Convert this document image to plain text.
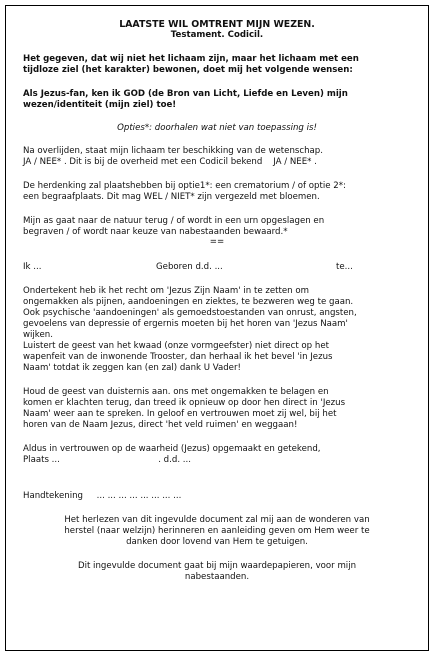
LAATSTE WIL OMTRENT MIJN WEZEN.
Testament. Codicil.
Het gegeven, dat wij niet het lichaam zijn, maar het lichaam met een
tijdloze ziel (het karakter) bewonen, doet mij het volgende wensen:
Als Jezus-fan, ken ik GOD (de Bron van Licht, Liefde en Leven) mijn
wezen/identiteit (mijn ziel) toe!
Opties*: doorhalen wat niet van toepassing is!
Na overlijden, staat mijn lichaam ter beschikking van de wetenschap.
JA / NEE* . Dit is bij de overheid met een Codicil bekend    JA / NEE* .
De herdenking zal plaatshebben bij optie1*: een crematorium / of optie 2*:
een begraafplaats. Dit mag WEL / NIET* zijn vergezeld met bloemen.
Mijn as gaat naar de natuur terug / of wordt in een urn opgeslagen en
begraven / of wordt naar keuze van nabestaanden bewaard.*
==
Ik ...	Geboren d.d. ...	te...
Ondertekent heb ik het recht om 'Jezus Zijn Naam' in te zetten om
ongemakken als pijnen, aandoeningen en ziektes, te bezweren weg te gaan.
Ook psychische 'aandoeningen' als gemoedstoestanden van onrust, angsten,
gevoelens van depressie of ergernis moeten bij het horen van 'Jezus Naam'
wijken.
Luistert de geest van het kwaad (onze vormgeefster) niet direct op het
wapenfeit van de inwonende Trooster, dan herhaal ik het bevel 'in Jezus
Naam' totdat ik zeggen kan (en zal) dank U Vader!
Houd de geest van duisternis aan. ons met ongemakken te belagen en
komen er klachten terug, dan treed ik opnieuw op door hen direct in 'Jezus
Naam' weer aan te spreken. In geloof en vertrouwen moet zij wel, bij het
horen van de Naam Jezus, direct 'het veld ruimen' en weggaan!
Aldus in vertrouwen op de waarheid (Jezus) opgemaakt en getekend,
Plaats ...                                    . d.d. ...
Handtekening     ... ... ... ... ... ... ... ...
Het herlezen van dit ingevulde document zal mij aan de wonderen van
herstel (naar welzijn) herinneren en aanleiding geven om Hem weer te
danken door lovend van Hem te getuigen.
Dit ingevulde document gaat bij mijn waardepapieren, voor mijn
nabestaanden.
